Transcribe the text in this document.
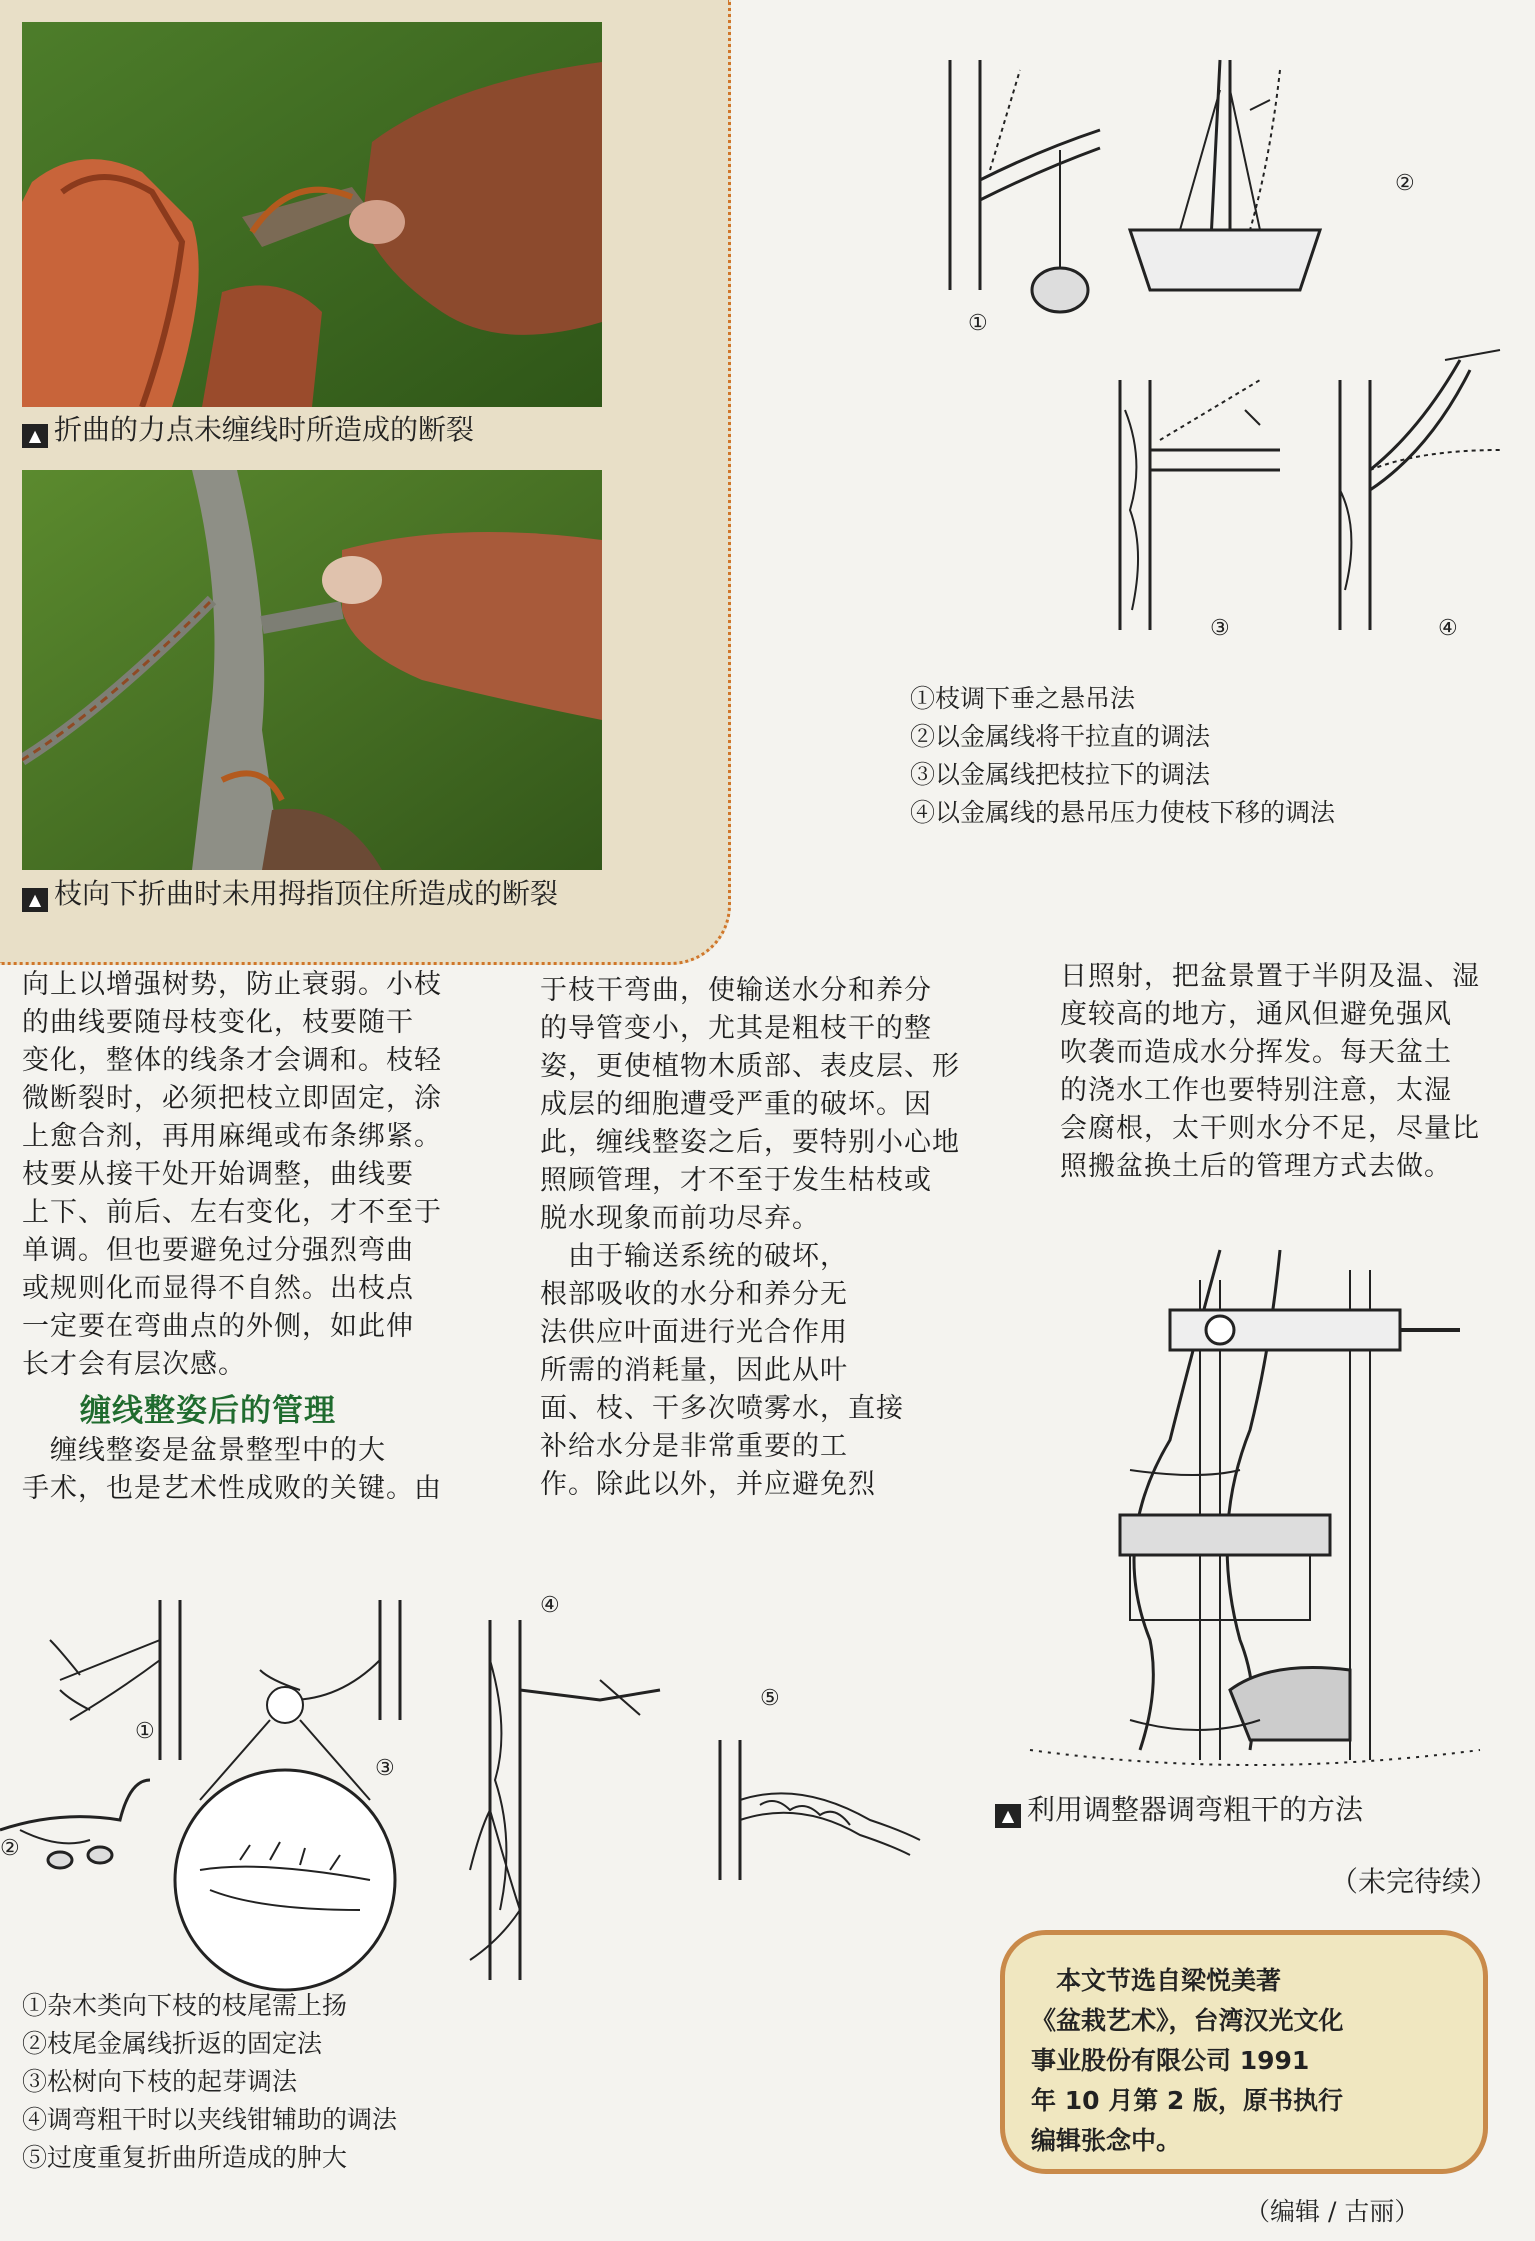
▲ 折曲的力点未缠线时所造成的断裂
▲ 枝向下折曲时未用拇指顶住所造成的断裂
①
②
③	④
①枝调下垂之悬吊法
②以金属线将干拉直的调法
③以金属线把枝拉下的调法
④以金属线的悬吊压力使枝下移的调法
向上以增强树势，防止衰弱。小枝
的曲线要随母枝变化，枝要随干
变化，整体的线条才会调和。枝轻
微断裂时，必须把枝立即固定，涂
上愈合剂，再用麻绳或布条绑紧。
枝要从接干处开始调整，曲线要
上下、前后、左右变化，才不至于
单调。但也要避免过分强烈弯曲
或规则化而显得不自然。出枝点
一定要在弯曲点的外侧，如此伸
长才会有层次感。
缠线整姿后的管理
　缠线整姿是盆景整型中的大
手术，也是艺术性成败的关键。由
于枝干弯曲，使输送水分和养分
的导管变小，尤其是粗枝干的整
姿，更使植物木质部、表皮层、形
成层的细胞遭受严重的破坏。因
此，缠线整姿之后，要特别小心地
照顾管理，才不至于发生枯枝或
脱水现象而前功尽弃。
　由于输送系统的破坏，
根部吸收的水分和养分无
法供应叶面进行光合作用
所需的消耗量，因此从叶
面、枝、干多次喷雾水，直接
补给水分是非常重要的工
作。除此以外，并应避免烈
日照射，把盆景置于半阴及温、湿
度较高的地方，通风但避免强风
吹袭而造成水分挥发。每天盆土
的浇水工作也要特别注意，太湿
会腐根，太干则水分不足，尽量比
照搬盆换土后的管理方式去做。
▲ 利用调整器调弯粗干的方法
（未完待续）
①
②
③
④
⑤
①杂木类向下枝的枝尾需上扬
②枝尾金属线折返的固定法
③松树向下枝的起芽调法
④调弯粗干时以夹线钳辅助的调法
⑤过度重复折曲所造成的肿大
　本文节选自梁悦美著
《盆栽艺术》，台湾汉光文化
事业股份有限公司 1991
年 10 月第 2 版，原书执行
编辑张念中。
（编辑 / 古丽）
